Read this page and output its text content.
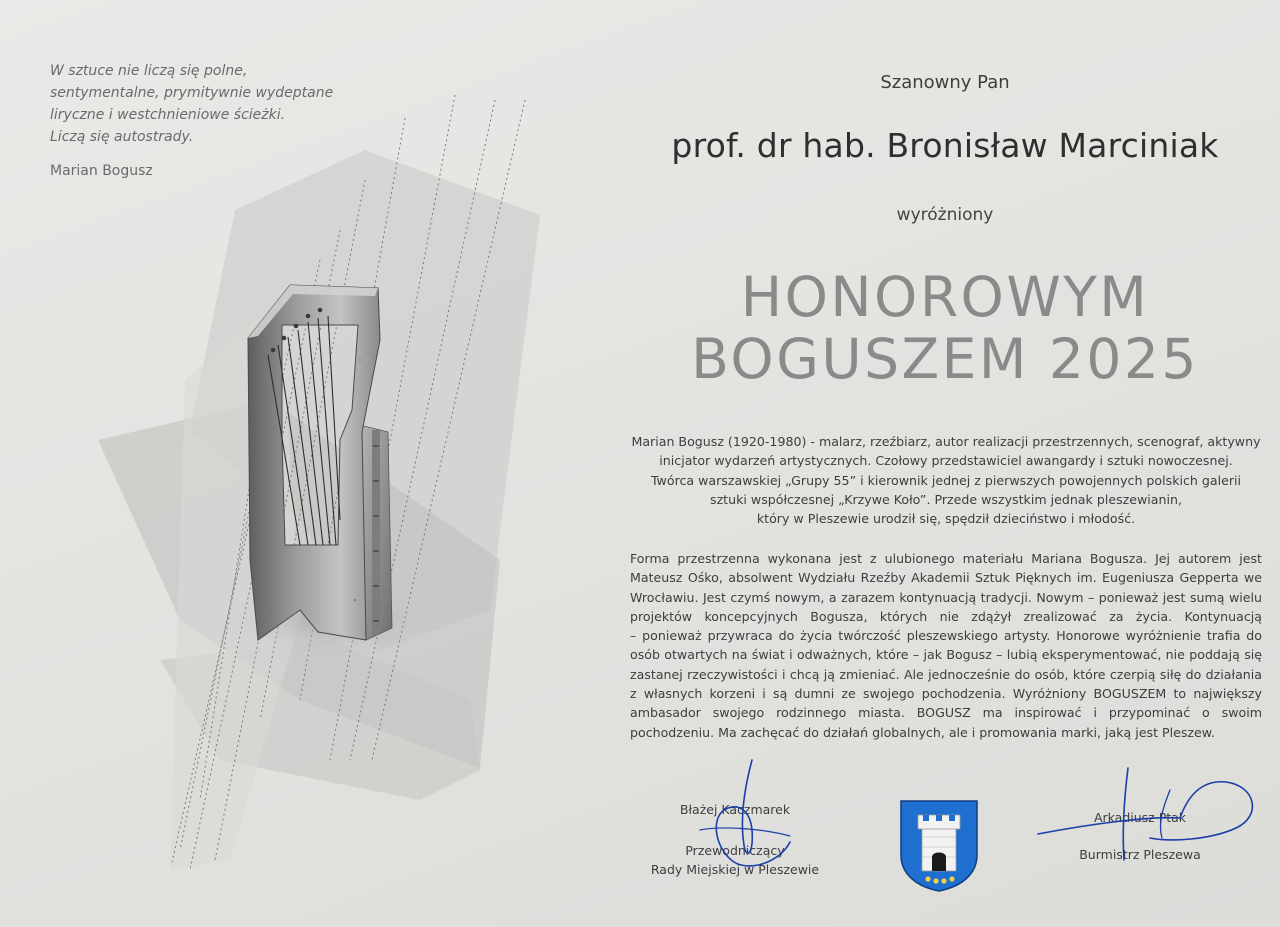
W sztuce nie liczą się polne,
sentymentalne, prymitywnie wydeptane
liryczne i westchnieniowe ścieżki.
Liczą się autostrady.
Marian Bogusz
Szanowny Pan
prof. dr hab. Bronisław Marciniak
wyróżniony
HONOROWYM
BOGUSZEM 2025
Marian Bogusz (1920-1980) - malarz, rzeźbiarz, autor realizacji przestrzennych, scenograf, aktywny
inicjator wydarzeń artystycznych. Czołowy przedstawiciel awangardy i sztuki nowoczesnej.
Twórca warszawskiej „Grupy 55” i kierownik jednej z pierwszych powojennych polskich galerii
sztuki współczesnej „Krzywe Koło”. Przede wszystkim jednak pleszewianin,
który w Pleszewie urodził się, spędził dzieciństwo i młodość.
Forma przestrzenna wykonana jest z ulubionego materiału Mariana Bogusza. Jej autorem jest
Mateusz Ośko, absolwent Wydziału Rzeźby Akademii Sztuk Pięknych im. Eugeniusza Gepperta we
Wrocławiu. Jest czymś nowym, a zarazem kontynuacją tradycji. Nowym – ponieważ jest sumą wielu
projektów koncepcyjnych Bogusza, których nie zdążył zrealizować za życia. Kontynuacją
– ponieważ przywraca do życia twórczość pleszewskiego artysty. Honorowe wyróżnienie trafia do
osób otwartych na świat i odważnych, które – jak Bogusz – lubią eksperymentować, nie poddają się
zastanej rzeczywistości i chcą ją zmieniać. Ale jednocześnie do osób, które czerpią siłę do działania
z własnych korzeni i są dumni ze swojego pochodzenia. Wyróżniony BOGUSZEM to największy
ambasador swojego rodzinnego miasta. BOGUSZ ma inspirować i przypominać o swoim
pochodzeniu. Ma zachęcać do działań globalnych, ale i promowania marki, jaką jest Pleszew.
Błażej Kaczmarek
Przewodniczący
Rady Miejskiej w Pleszewie
Arkadiusz Ptak
Burmistrz Pleszewa
